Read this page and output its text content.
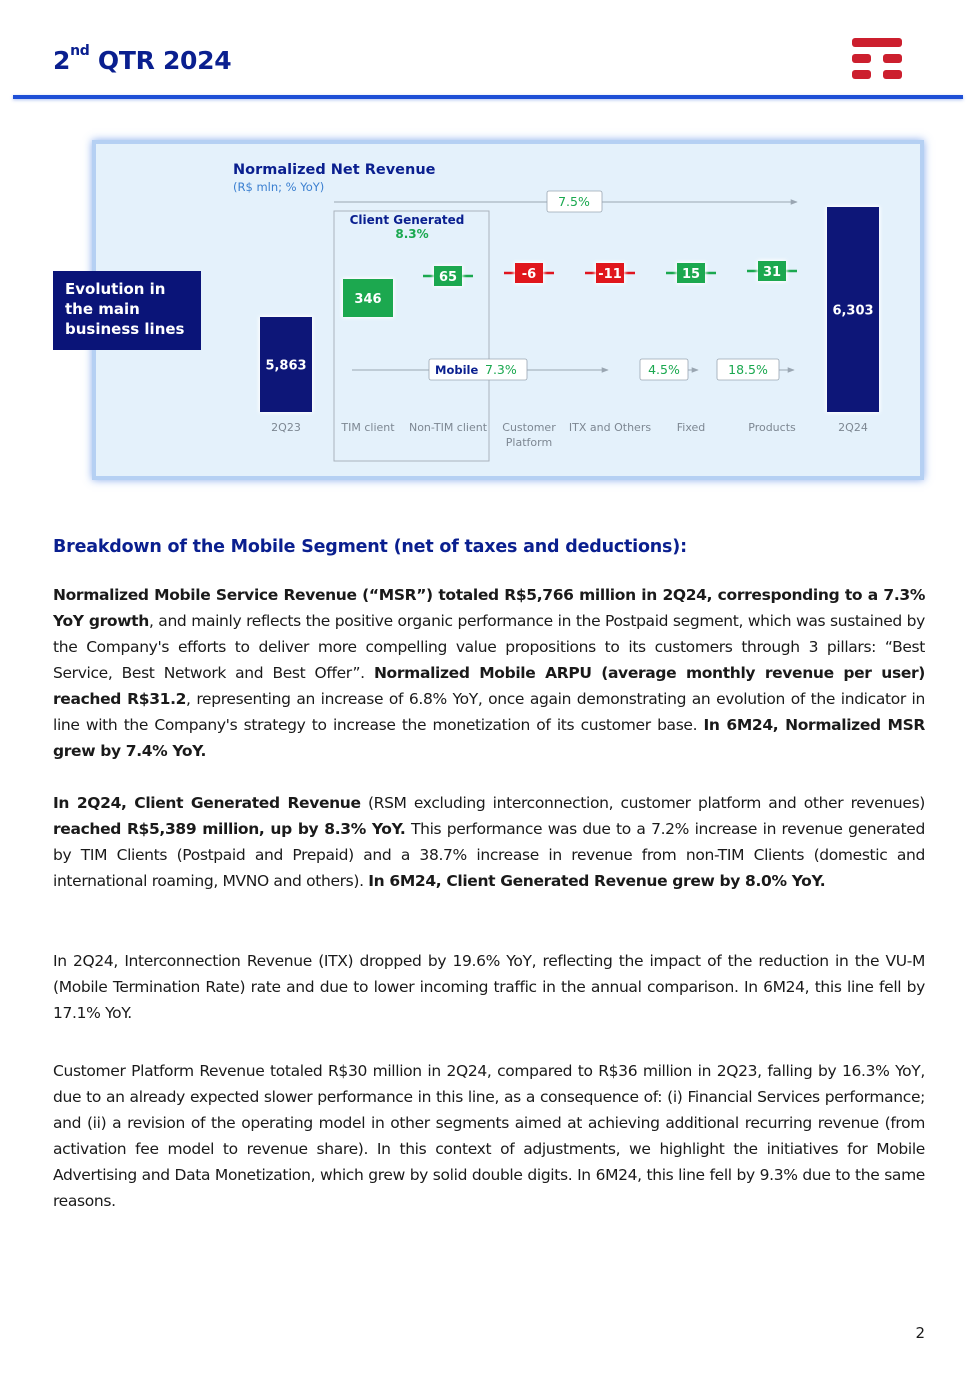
2nd QTR 2024
Normalized Net Revenue
(R$ mln; % YoY)
Client Generated
8.3%
7.5%
Mobile 7.3%	4.5%	18.5%
5,863
2Q23
346
TIM client
65
Non-TIM client
-6
Customer
Platform
-11
ITX and Others
15
Fixed
31
Products
6,303
2Q24
Evolution in
the main
business lines
Breakdown of the Mobile Segment (net of taxes and deductions):

Normalized Mobile Service Revenue (“MSR”) totaled R$5,766 million in 2Q24, corresponding to a 7.3% YoY growth, and mainly reflects the positive organic performance in the Postpaid segment, which was sustained by the Company's efforts to deliver more compelling value propositions to its customers through 3 pillars: “Best Service, Best Network and Best Offer”. Normalized Mobile ARPU (average monthly revenue per user) reached R$31.2, representing an increase of 6.8% YoY, once again demonstrating an evolution of the indicator in line with the Company's strategy to increase the monetization of its customer base. In 6M24, Normalized MSR grew by 7.4% YoY.

In 2Q24, Client Generated Revenue (RSM excluding interconnection, customer platform and other revenues) reached R$5,389 million, up by 8.3% YoY. This performance was due to a 7.2% increase in revenue generated by TIM Clients (Postpaid and Prepaid) and a 38.7% increase in revenue from non-TIM Clients (domestic and international roaming, MVNO and others). In 6M24, Client Generated Revenue grew by 8.0% YoY.

In 2Q24, Interconnection Revenue (ITX) dropped by 19.6% YoY, reflecting the impact of the reduction in the VU-M (Mobile Termination Rate) rate and due to lower incoming traffic in the annual comparison. In 6M24, this line fell by 17.1% YoY.

Customer Platform Revenue totaled R$30 million in 2Q24, compared to R$36 million in 2Q23, falling by 16.3% YoY, due to an already expected slower performance in this line, as a consequence of: (i) Financial Services performance; and (ii) a revision of the operating model in other segments aimed at achieving additional recurring revenue (from activation fee model to revenue share). In this context of adjustments, we highlight the initiatives for Mobile Advertising and Data Monetization, which grew by solid double digits. In 6M24, this line fell by 9.3% due to the same reasons.

2
